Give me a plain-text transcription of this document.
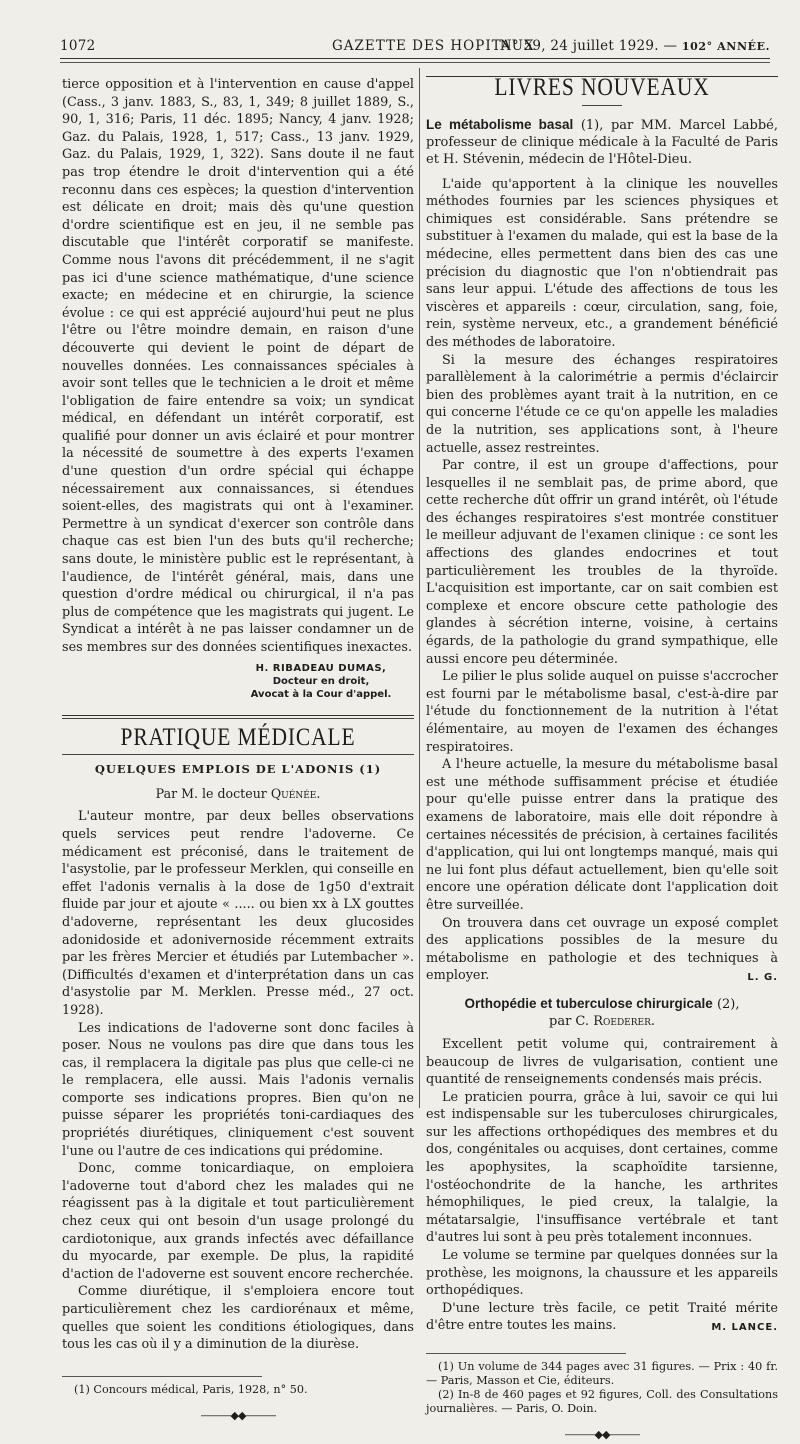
1072	GAZETTE DES HOPITAUX
N° 59, 24 juillet 1929. — 102° ANNÉE.

tierce opposition et à l'intervention en cause d'appel (Cass., 3 janv. 1883, S., 83, 1, 349; 8 juillet 1889, S., 90, 1, 316; Paris, 11 déc. 1895; Nancy, 4 janv. 1928; Gaz. du Palais, 1928, 1, 517; Cass., 13 janv. 1929, Gaz. du Palais, 1929, 1, 322). Sans doute il ne faut pas trop étendre le droit d'intervention qui a été reconnu dans ces espèces; la question d'intervention est délicate en droit; mais dès qu'une question d'ordre scientifique est en jeu, il ne semble pas discutable que l'intérêt corporatif se manifeste. Comme nous l'avons dit précédemment, il ne s'agit pas ici d'une science mathématique, d'une science exacte; en médecine et en chirurgie, la science évolue : ce qui est apprécié aujourd'hui peut ne plus l'être ou l'être moindre demain, en raison d'une découverte qui devient le point de départ de nouvelles données. Les connaissances spéciales à avoir sont telles que le technicien a le droit et même l'obligation de faire entendre sa voix; un syndicat médical, en défendant un intérêt corporatif, est qualifié pour donner un avis éclairé et pour montrer la nécessité de soumettre à des experts l'examen d'une question d'un ordre spécial qui échappe nécessairement aux connaissances, si étendues soient-elles, des magistrats qui ont à l'examiner. Permettre à un syndicat d'exercer son contrôle dans chaque cas est bien l'un des buts qu'il recherche; sans doute, le ministère public est le représentant, à l'audience, de l'intérêt général, mais, dans une question d'ordre médical ou chirurgical, il n'a pas plus de compétence que les magistrats qui jugent. Le Syndicat a intérêt à ne pas laisser condamner un de ses membres sur des données scientifiques inexactes.

H. RIBADEAU DUMAS,
Docteur en droit,
Avocat à la Cour d'appel.
PRATIQUE MÉDICALE
QUELQUES EMPLOIS DE L'ADONIS (1)
Par M. le docteur Quénée.

L'auteur montre, par deux belles observations quels services peut rendre l'adoverne. Ce médicament est préconisé, dans le traitement de l'asystolie, par le professeur Merklen, qui conseille en effet l'adonis vernalis à la dose de 1g50 d'extrait fluide par jour et ajoute « ..... ou bien xx à LX gouttes d'adoverne, représentant les deux glucosides adonidoside et adonivernoside récemment extraits par les frères Mercier et étudiés par Lutembacher ». (Difficultés d'examen et d'interprétation dans un cas d'asystolie par M. Merklen. Presse méd., 27 oct. 1928).

Les indications de l'adoverne sont donc faciles à poser. Nous ne voulons pas dire que dans tous les cas, il remplacera la digitale pas plus que celle-ci ne le remplacera, elle aussi. Mais l'adonis vernalis comporte ses indications propres. Bien qu'on ne puisse séparer les propriétés toni-cardiaques des propriétés diurétiques, cliniquement c'est souvent l'une ou l'autre de ces indications qui prédomine.

Donc, comme tonicardiaque, on emploiera l'adoverne tout d'abord chez les malades qui ne réagissent pas à la digitale et tout particulièrement chez ceux qui ont besoin d'un usage prolongé du cardiotonique, aux grands infectés avec défaillance du myocarde, par exemple. De plus, la rapidité d'action de l'adoverne est souvent encore recherchée.

Comme diurétique, il s'emploiera encore tout particulièrement chez les cardiorénaux et même, quelles que soient les conditions étiologiques, dans tous les cas où il y a diminution de la diurèse.

(1) Concours médical, Paris, 1928, n° 50.

———◆◆———
LIVRES NOUVEAUX
Le métabolisme basal (1), par MM. Marcel Labbé, professeur de clinique médicale à la Faculté de Paris et H. Stévenin, médecin de l'Hôtel-Dieu.

L'aide qu'apportent à la clinique les nouvelles méthodes fournies par les sciences physiques et chimiques est considérable. Sans prétendre se substituer à l'examen du malade, qui est la base de la médecine, elles permettent dans bien des cas une précision du diagnostic que l'on n'obtiendrait pas sans leur appui. L'étude des affections de tous les viscères et appareils : cœur, circulation, sang, foie, rein, système nerveux, etc., a grandement bénéficié des méthodes de laboratoire.

Si la mesure des échanges respiratoires parallèlement à la calorimétrie a permis d'éclaircir bien des problèmes ayant trait à la nutrition, en ce qui concerne l'étude ce ce qu'on appelle les maladies de la nutrition, ses applications sont, à l'heure actuelle, assez restreintes.

Par contre, il est un groupe d'affections, pour lesquelles il ne semblait pas, de prime abord, que cette recherche dût offrir un grand intérêt, où l'étude des échanges respiratoires s'est montrée constituer le meilleur adjuvant de l'examen clinique : ce sont les affections des glandes endocrines et tout particulièrement les troubles de la thyroïde. L'acquisition est importante, car on sait combien est complexe et encore obscure cette pathologie des glandes à sécrétion interne, voisine, à certains égards, de la pathologie du grand sympathique, elle aussi encore peu déterminée.

Le pilier le plus solide auquel on puisse s'accrocher est fourni par le métabolisme basal, c'est-à-dire par l'étude du fonctionnement de la nutrition à l'état élémentaire, au moyen de l'examen des échanges respiratoires.

A l'heure actuelle, la mesure du métabolisme basal est une méthode suffisamment précise et étudiée pour qu'elle puisse entrer dans la pratique des examens de laboratoire, mais elle doit répondre à certaines nécessités de précision, à certaines facilités d'application, qui lui ont longtemps manqué, mais qui ne lui font plus défaut actuellement, bien qu'elle soit encore une opération délicate dont l'application doit être surveillée.

On trouvera dans cet ouvrage un exposé complet des applications possibles de la mesure du métabolisme en pathologie et des techniques à employer.	L. G.

Orthopédie et tuberculose chirurgicale (2),
par C. Roederer.

Excellent petit volume qui, contrairement à beaucoup de livres de vulgarisation, contient une quantité de renseignements condensés mais précis.

Le praticien pourra, grâce à lui, savoir ce qui lui est indispensable sur les tuberculoses chirurgicales, sur les affections orthopédiques des membres et du dos, congénitales ou acquises, dont certaines, comme les apophysites, la scaphoïdite tarsienne, l'ostéochondrite de la hanche, les arthrites hémophiliques, le pied creux, la talalgie, la métatarsalgie, l'insuffisance vertébrale et tant d'autres lui sont à peu près totalement inconnues.

Le volume se termine par quelques données sur la prothèse, les moignons, la chaussure et les appareils orthopédiques.

D'une lecture très facile, ce petit Traité mérite d'être entre toutes les mains.	M. LANCE.

(1) Un volume de 344 pages avec 31 figures. — Prix : 40 fr. — Paris, Masson et Cie, éditeurs.

(2) In-8 de 460 pages et 92 figures, Coll. des Consultations journalières. — Paris, O. Doin.

———◆◆———
